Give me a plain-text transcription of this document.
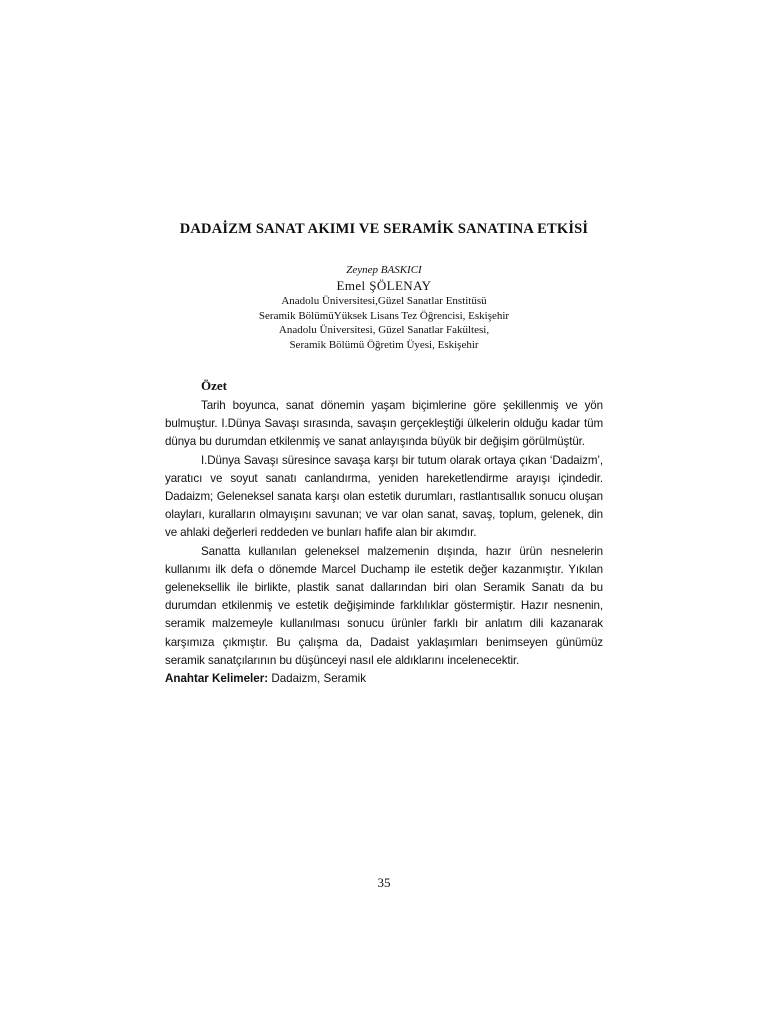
DADAİZM SANAT AKIMI VE SERAMİK SANATINA ETKİSİ
Zeynep BASKICI
Emel ŞÖLENAY
Anadolu Üniversitesi,Güzel Sanatlar Enstitüsü
Seramik BölümüYüksek Lisans Tez Öğrencisi, Eskişehir
Anadolu Üniversitesi, Güzel Sanatlar Fakültesi,
Seramik Bölümü Öğretim Üyesi, Eskişehir
Özet

Tarih boyunca, sanat dönemin yaşam biçimlerine göre şekillenmiş ve yön bulmuştur. I.Dünya Savaşı sırasında, savaşın gerçekleştiği ülkelerin olduğu kadar tüm dünya bu durumdan etkilenmiş ve sanat anlayışında büyük bir değişim görülmüştür.

I.Dünya Savaşı süresince savaşa karşı bir tutum olarak ortaya çıkan ‘Dadaizm’, yaratıcı ve soyut sanatı canlandırma, yeniden hareketlendirme arayışı içindedir. Dadaizm; Geleneksel sanata karşı olan estetik durumları, rastlantısallık sonucu oluşan olayları, kuralların olmayışını savunan; ve var olan sanat, savaş, toplum, gelenek, din ve ahlaki değerleri reddeden ve bunları hafife alan bir akımdır.

Sanatta kullanılan geleneksel malzemenin dışında, hazır ürün nesnelerin kullanımı ilk defa o dönemde Marcel Duchamp ile estetik değer kazanmıştır. Yıkılan geleneksellik ile birlikte, plastik sanat dallarından biri olan Seramik Sanatı da bu durumdan etkilenmiş ve estetik değişiminde farklılıklar göstermiştir. Hazır nesnenin, seramik malzemeyle kullanılması sonucu ürünler farklı bir anlatım dili kazanarak karşımıza çıkmıştır. Bu çalışma da, Dadaist yaklaşımları benimseyen günümüz seramik sanatçılarının bu düşünceyi nasıl ele aldıklarını incelenecektir.

Anahtar Kelimeler: Dadaizm, Seramik
35
